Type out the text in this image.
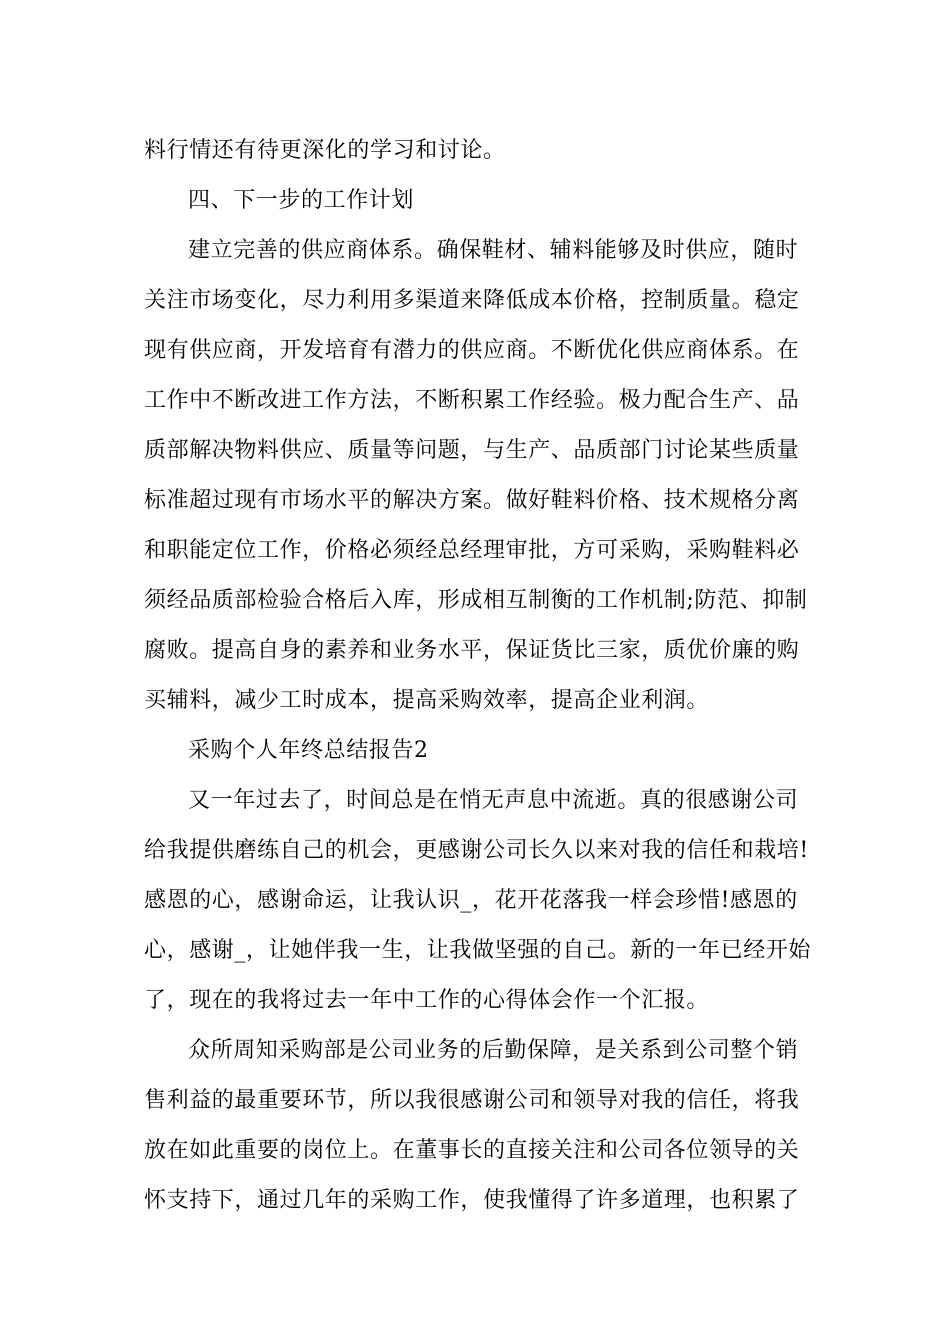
料行情还有待更深化的学习和讨论。
四、下一步的工作计划
建立完善的供应商体系。确保鞋材、辅料能够及时供应，随时
关注市场变化，尽力利用多渠道来降低成本价格，控制质量。稳定
现有供应商，开发培育有潜力的供应商。不断优化供应商体系。在
工作中不断改进工作方法，不断积累工作经验。极力配合生产、品
质部解决物料供应、质量等问题，与生产、品质部门讨论某些质量
标准超过现有市场水平的解决方案。做好鞋料价格、技术规格分离
和职能定位工作，价格必须经总经理审批，方可采购，采购鞋料必
须经品质部检验合格后入库，形成相互制衡的工作机制;防范、抑制
腐败。提高自身的素养和业务水平，保证货比三家，质优价廉的购
买辅料，减少工时成本，提高采购效率，提高企业利润。
采购个人年终总结报告2
又一年过去了，时间总是在悄无声息中流逝。真的很感谢公司
给我提供磨练自己的机会，更感谢公司长久以来对我的信任和栽培!
感恩的心，感谢命运，让我认识_，花开花落我一样会珍惜!感恩的
心，感谢_，让她伴我一生，让我做坚强的自己。新的一年已经开始
了，现在的我将过去一年中工作的心得体会作一个汇报。
众所周知采购部是公司业务的后勤保障，是关系到公司整个销
售利益的最重要环节，所以我很感谢公司和领导对我的信任，将我
放在如此重要的岗位上。在董事长的直接关注和公司各位领导的关
怀支持下，通过几年的采购工作，使我懂得了许多道理，也积累了
